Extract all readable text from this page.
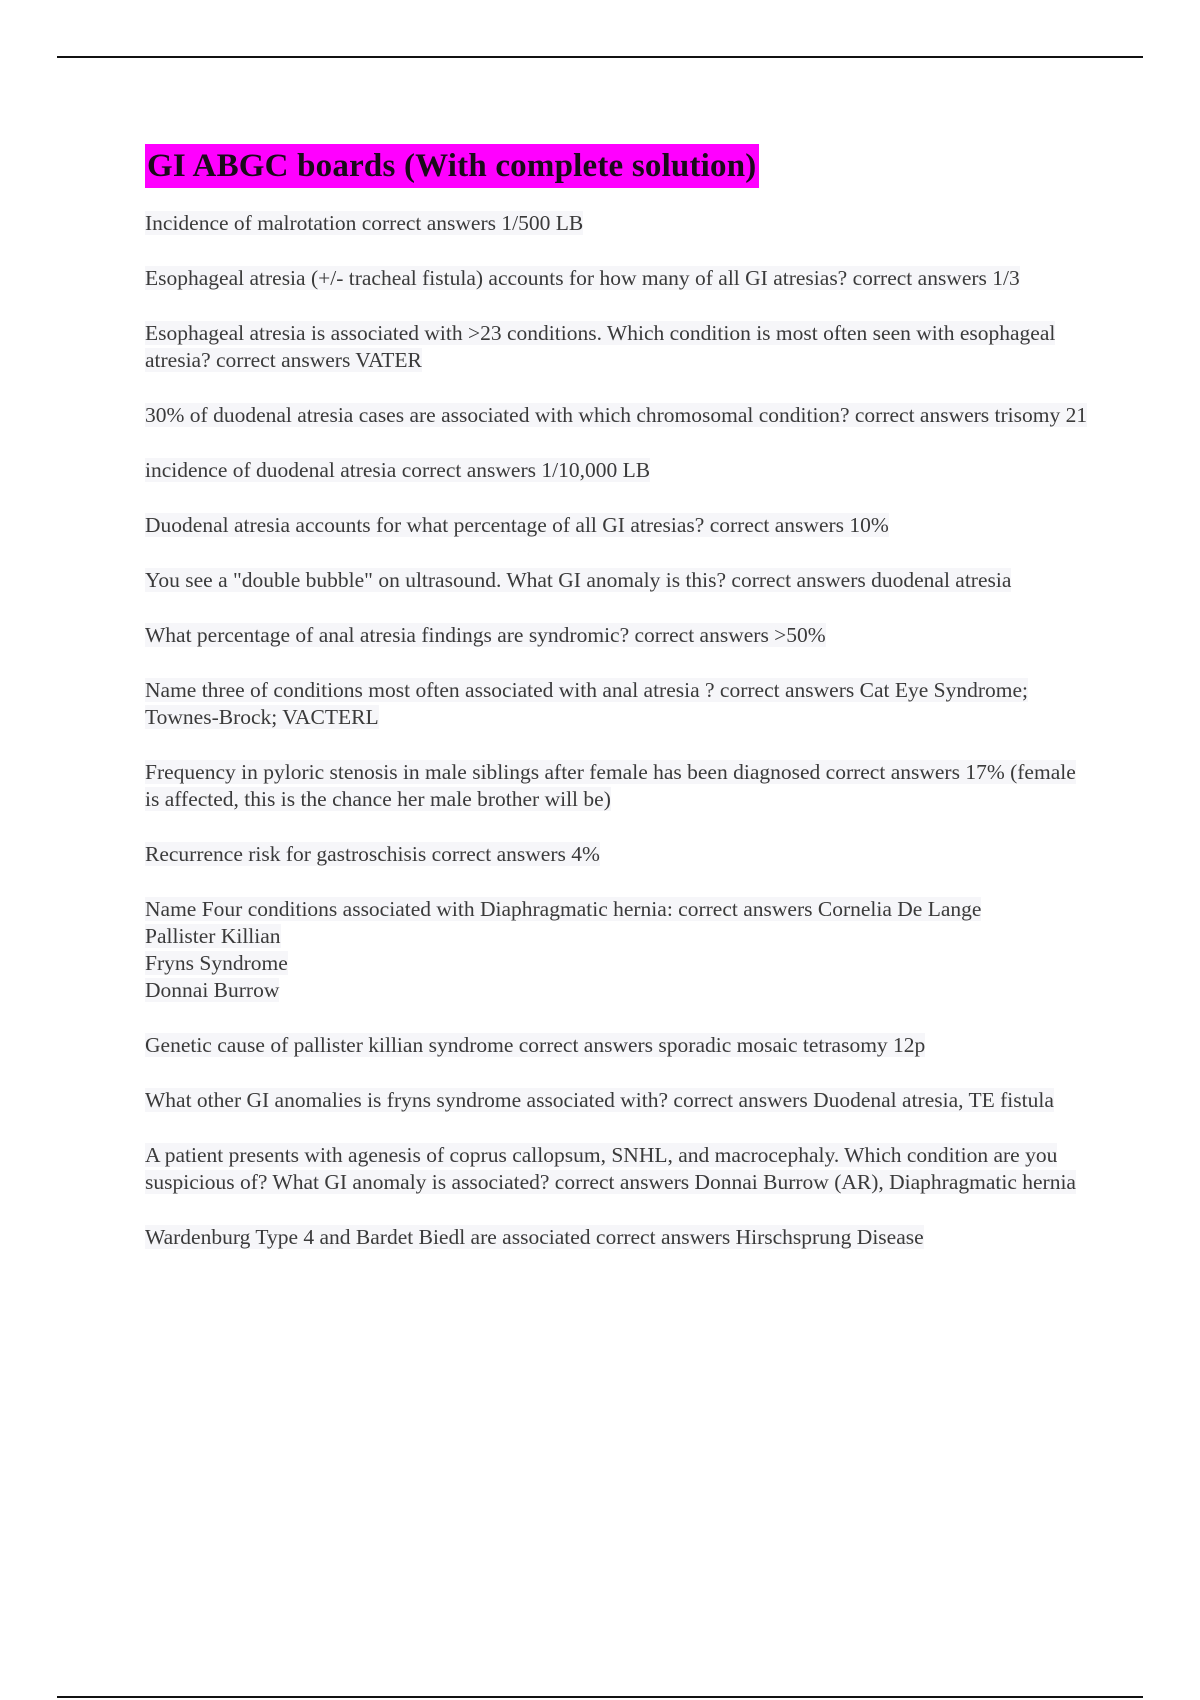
GI ABGC boards (With complete solution)
Incidence of malrotation correct answers 1/500 LB
Esophageal atresia (+/- tracheal fistula) accounts for how many of all GI atresias? correct answers 1/3
Esophageal atresia is associated with >23 conditions. Which condition is most often seen with esophageal atresia? correct answers VATER
30% of duodenal atresia cases are associated with which chromosomal condition? correct answers trisomy 21
incidence of duodenal atresia correct answers 1/10,000 LB
Duodenal atresia accounts for what percentage of all GI atresias? correct answers 10%
You see a "double bubble" on ultrasound. What GI anomaly is this? correct answers duodenal atresia
What percentage of anal atresia findings are syndromic? correct answers >50%
Name three of conditions most often associated with anal atresia ? correct answers Cat Eye Syndrome; Townes-Brock; VACTERL
Frequency in pyloric stenosis in male siblings after female has been diagnosed correct answers 17% (female is affected, this is the chance her male brother will be)
Recurrence risk for gastroschisis correct answers 4%
Name Four conditions associated with Diaphragmatic hernia: correct answers Cornelia De Lange
Pallister Killian
Fryns Syndrome
Donnai Burrow
Genetic cause of pallister killian syndrome correct answers sporadic mosaic tetrasomy 12p
What other GI anomalies is fryns syndrome associated with? correct answers Duodenal atresia, TE fistula
A patient presents with agenesis of coprus callopsum, SNHL, and macrocephaly. Which condition are you suspicious of? What GI anomaly is associated? correct answers Donnai Burrow (AR), Diaphragmatic hernia
Wardenburg Type 4 and Bardet Biedl are associated correct answers Hirschsprung Disease
